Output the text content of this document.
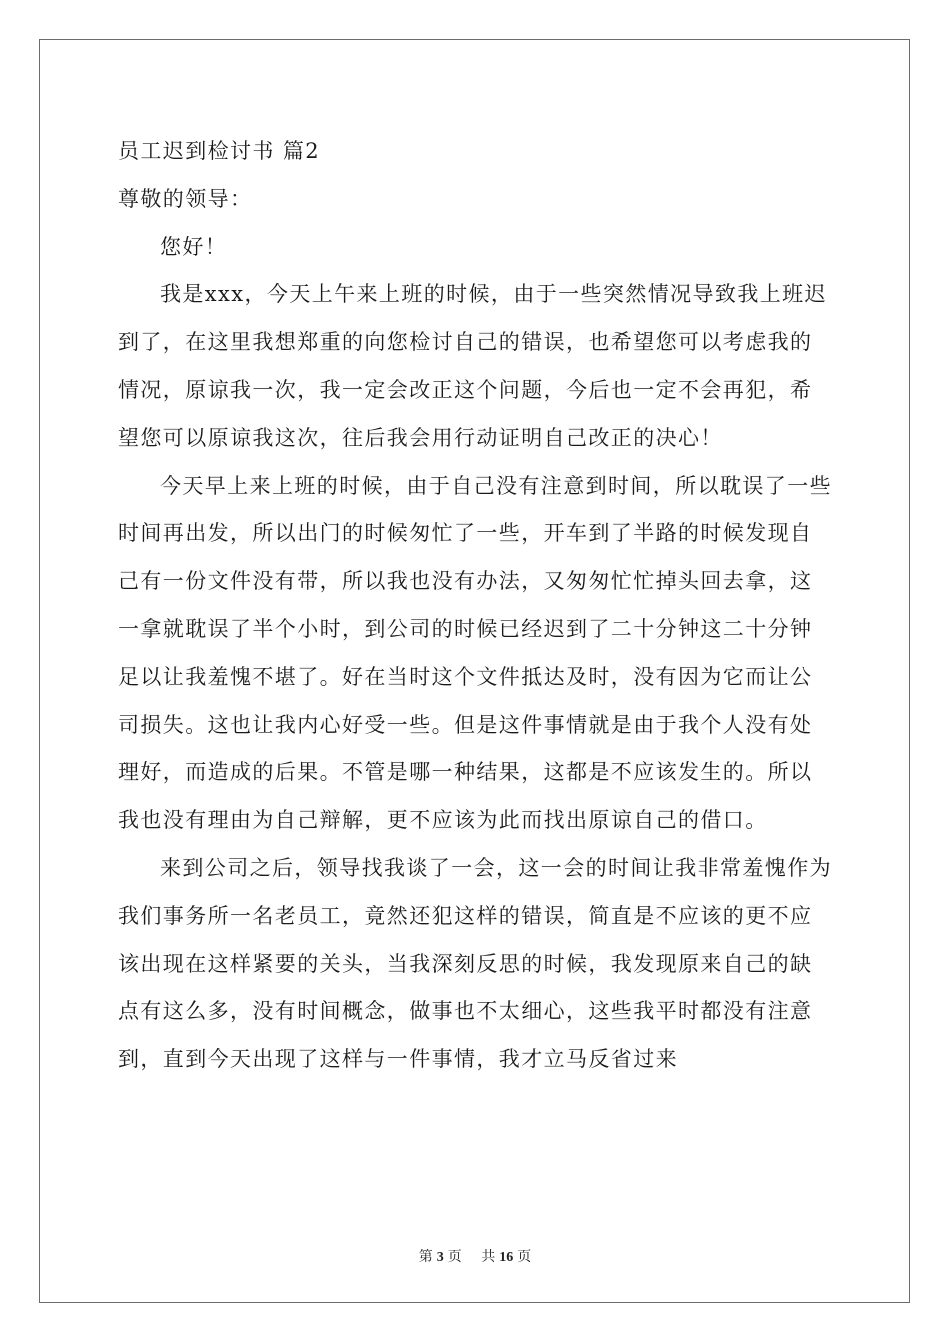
员工迟到检讨书 篇2

尊敬的领导：

您好！

我是xxx，今天上午来上班的时候，由于一些突然情况导致我上班迟到了，在这里我想郑重的向您检讨自己的错误，也希望您可以考虑我的情况，原谅我一次，我一定会改正这个问题，今后也一定不会再犯，希望您可以原谅我这次，往后我会用行动证明自己改正的决心！

今天早上来上班的时候，由于自己没有注意到时间，所以耽误了一些时间再出发，所以出门的时候匆忙了一些，开车到了半路的时候发现自己有一份文件没有带，所以我也没有办法，又匆匆忙忙掉头回去拿，这一拿就耽误了半个小时，到公司的时候已经迟到了二十分钟这二十分钟足以让我羞愧不堪了。好在当时这个文件抵达及时，没有因为它而让公司损失。这也让我内心好受一些。但是这件事情就是由于我个人没有处理好，而造成的后果。不管是哪一种结果，这都是不应该发生的。所以我也没有理由为自己辩解，更不应该为此而找出原谅自己的借口。

来到公司之后，领导找我谈了一会，这一会的时间让我非常羞愧作为我们事务所一名老员工，竟然还犯这样的错误，简直是不应该的更不应该出现在这样紧要的关头，当我深刻反思的时候，我发现原来自己的缺点有这么多，没有时间概念，做事也不太细心，这些我平时都没有注意到，直到今天出现了这样与一件事情，我才立马反省过来

第 3 页 共 16 页
